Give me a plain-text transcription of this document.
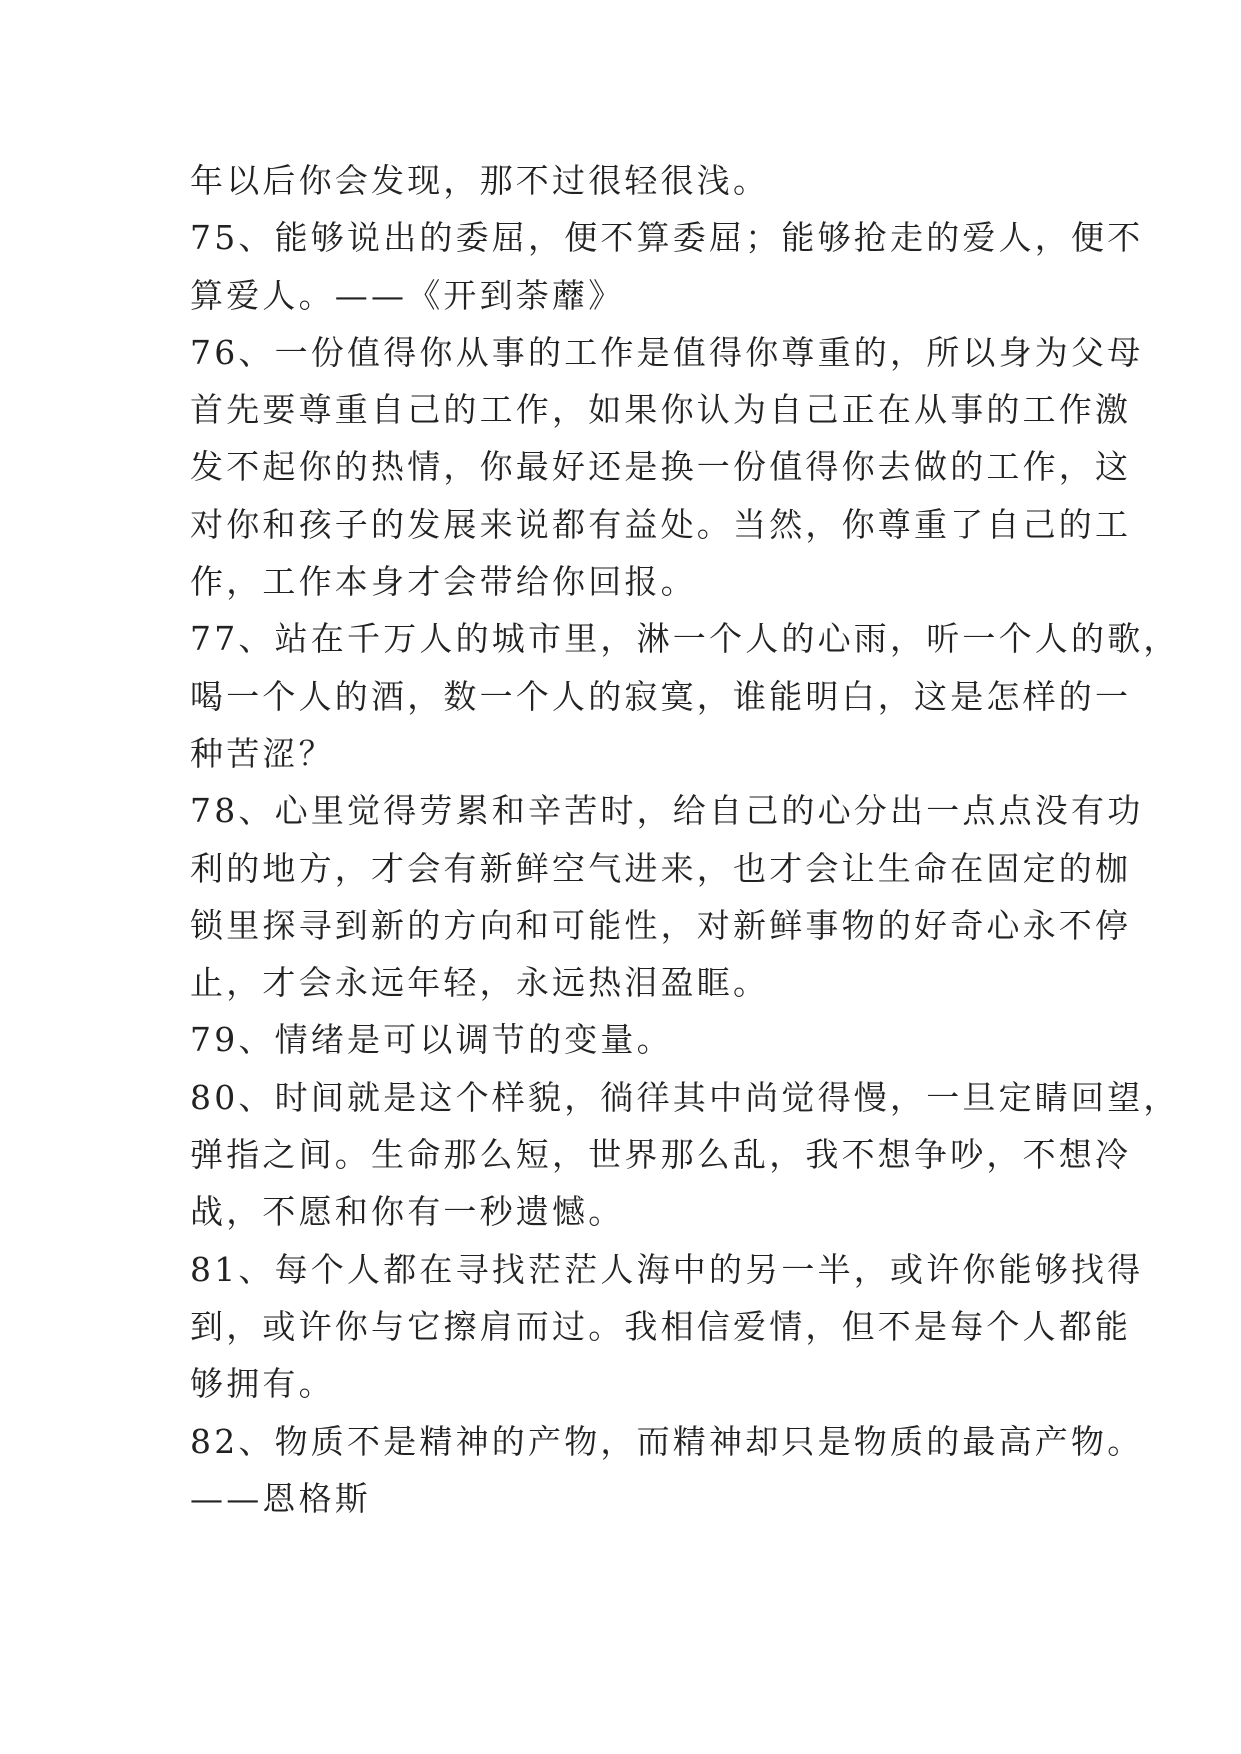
年以后你会发现，那不过很轻很浅。
75、能够说出的委屈，便不算委屈；能够抢走的爱人，便不
算爱人。——《开到荼蘼》
76、一份值得你从事的工作是值得你尊重的，所以身为父母
首先要尊重自己的工作，如果你认为自己正在从事的工作激
发不起你的热情，你最好还是换一份值得你去做的工作，这
对你和孩子的发展来说都有益处。当然，你尊重了自己的工
作，工作本身才会带给你回报。
77、站在千万人的城市里，淋一个人的心雨，听一个人的歌，
喝一个人的酒，数一个人的寂寞，谁能明白，这是怎样的一
种苦涩？
78、心里觉得劳累和辛苦时，给自己的心分出一点点没有功
利的地方，才会有新鲜空气进来，也才会让生命在固定的枷
锁里探寻到新的方向和可能性，对新鲜事物的好奇心永不停
止，才会永远年轻，永远热泪盈眶。
79、情绪是可以调节的变量。
80、时间就是这个样貌，徜徉其中尚觉得慢，一旦定睛回望，
弹指之间。生命那么短，世界那么乱，我不想争吵，不想冷
战，不愿和你有一秒遗憾。
81、每个人都在寻找茫茫人海中的另一半，或许你能够找得
到，或许你与它擦肩而过。我相信爱情，但不是每个人都能
够拥有。
82、物质不是精神的产物，而精神却只是物质的最高产物。
——恩格斯
